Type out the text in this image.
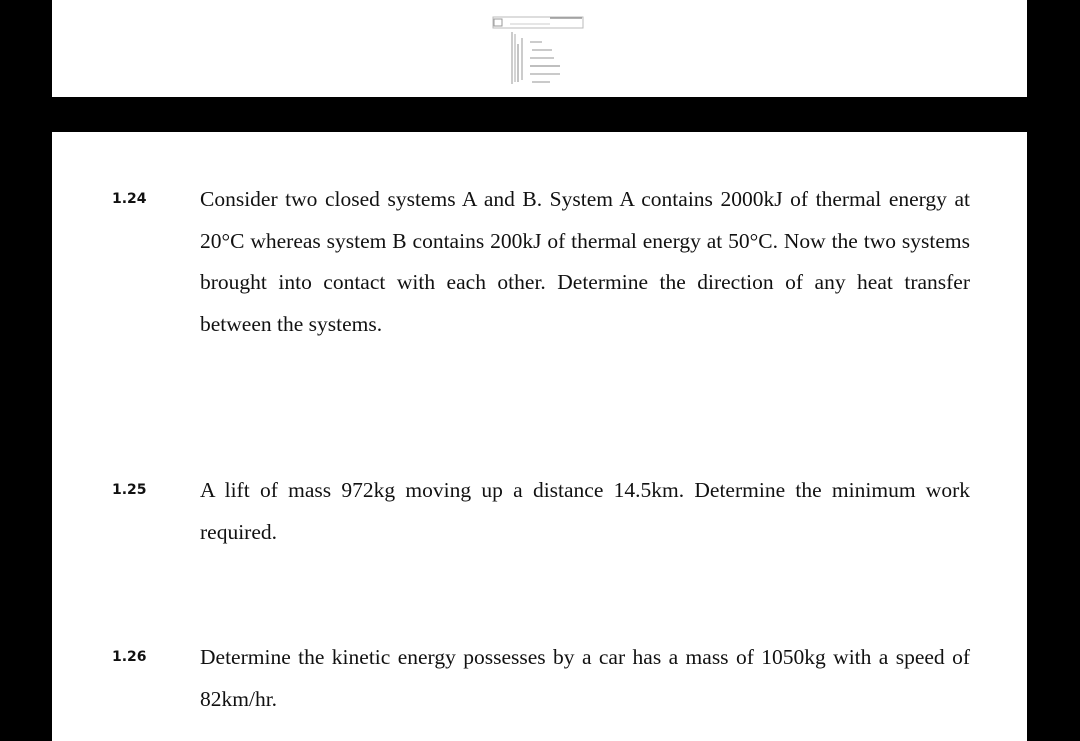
1.24 Consider two closed systems A and B. System A contains 2000kJ of thermal energy at 20°C whereas system B contains 200kJ of thermal energy at 50°C. Now the two systems brought into contact with each other. Determine the direction of any heat transfer between the systems.

1.25 A lift of mass 972kg moving up a distance 14.5km. Determine the minimum work required.

1.26 Determine the kinetic energy possesses by a car has a mass of 1050kg with a speed of 82km/hr.
